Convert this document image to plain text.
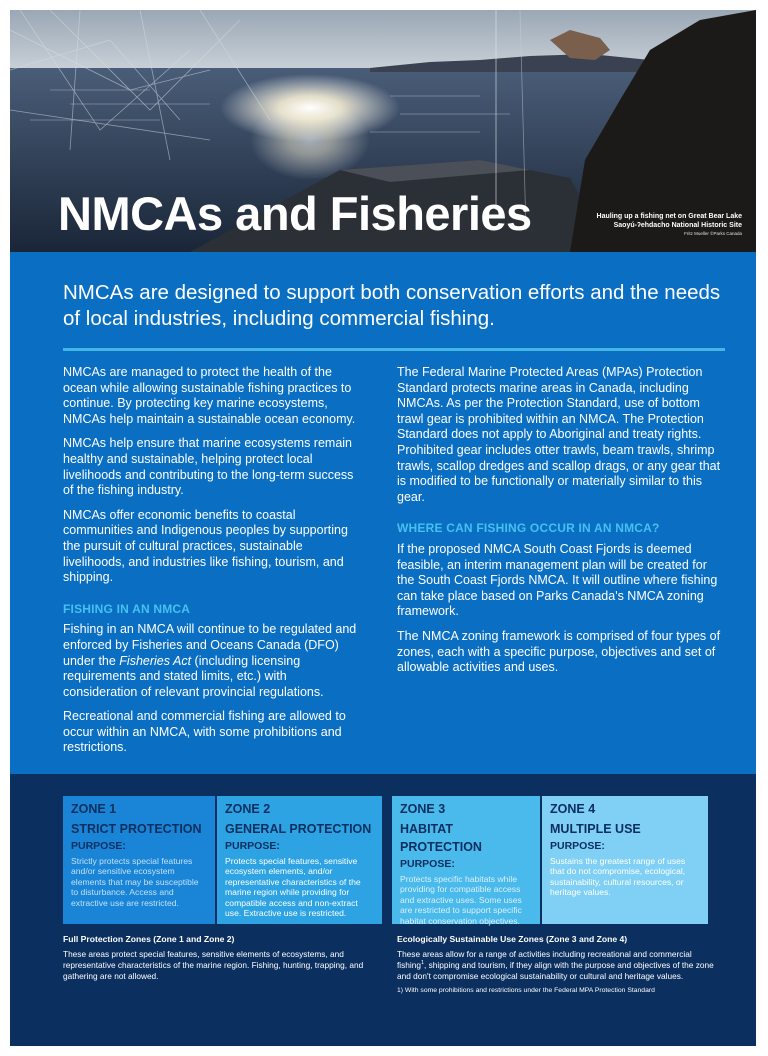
NMCAs and Fisheries	Hauling up a fishing net on Great Bear Lake
Saoyú-ʔehdacho National Historic Site
Fritz Mueller ©Parks Canada
NMCAs are designed to support both conservation efforts and the needs of local industries, including commercial fishing.

NMCAs are managed to protect the health of the ocean while allowing sustainable fishing practices to continue. By protecting key marine ecosystems, NMCAs help maintain a sustainable ocean economy.

NMCAs help ensure that marine ecosystems remain healthy and sustainable, helping protect local livelihoods and contributing to the long-term success of the fishing industry.

NMCAs offer economic benefits to coastal communities and Indigenous peoples by supporting the pursuit of cultural practices, sustainable livelihoods, and industries like fishing, tourism, and shipping.

FISHING IN AN NMCA

Fishing in an NMCA will continue to be regulated and enforced by Fisheries and Oceans Canada (DFO) under the Fisheries Act (including licensing requirements and stated limits, etc.) with consideration of relevant provincial regulations.

Recreational and commercial fishing are allowed to occur within an NMCA, with some prohibitions and restrictions.

The Federal Marine Protected Areas (MPAs) Protection Standard protects marine areas in Canada, including NMCAs. As per the Protection Standard, use of bottom trawl gear is prohibited within an NMCA. The Protection Standard does not apply to Aboriginal and treaty rights. Prohibited gear includes otter trawls, beam trawls, shrimp trawls, scallop dredges and scallop drags, or any gear that is modified to be functionally or materially similar to this gear.

WHERE CAN FISHING OCCUR IN AN NMCA?

If the proposed NMCA South Coast Fjords is deemed feasible, an interim management plan will be created for the South Coast Fjords NMCA. It will outline where fishing can take place based on Parks Canada's NMCA zoning framework.

The NMCA zoning framework is comprised of four types of zones, each with a specific purpose, objectives and set of allowable activities and uses.

ZONE 1
STRICT PROTECTION
PURPOSE:
Strictly protects special features and/or sensitive ecosystem elements that may be susceptible to disturbance. Access and extractive use are restricted.
ZONE 2
GENERAL PROTECTION
PURPOSE:
Protects special features, sensitive ecosystem elements, and/or representative characteristics of the marine region while providing for compatible access and non-extract use. Extractive use is restricted.
ZONE 3
HABITAT PROTECTION
PURPOSE:
Protects specific habitats while providing for compatible access and extractive uses. Some uses are restricted to support specific habitat conservation objectives.
ZONE 4
MULTIPLE USE
PURPOSE:
Sustains the greatest range of uses that do not compromise, ecological, sustainability, cultural resources, or heritage values.
Full Protection Zones (Zone 1 and Zone 2)

These areas protect special features, sensitive elements of ecosystems, and representative characteristics of the marine region. Fishing, hunting, trapping, and gathering are not allowed.

Ecologically Sustainable Use Zones (Zone 3 and Zone 4)

These areas allow for a range of activities including recreational and commercial fishing$^1$, shipping and tourism, if they align with the purpose and objectives of the zone and don't compromise ecological sustainability or cultural and heritage values.

1) With some prohibitions and restrictions under the Federal MPA Protection Standard
